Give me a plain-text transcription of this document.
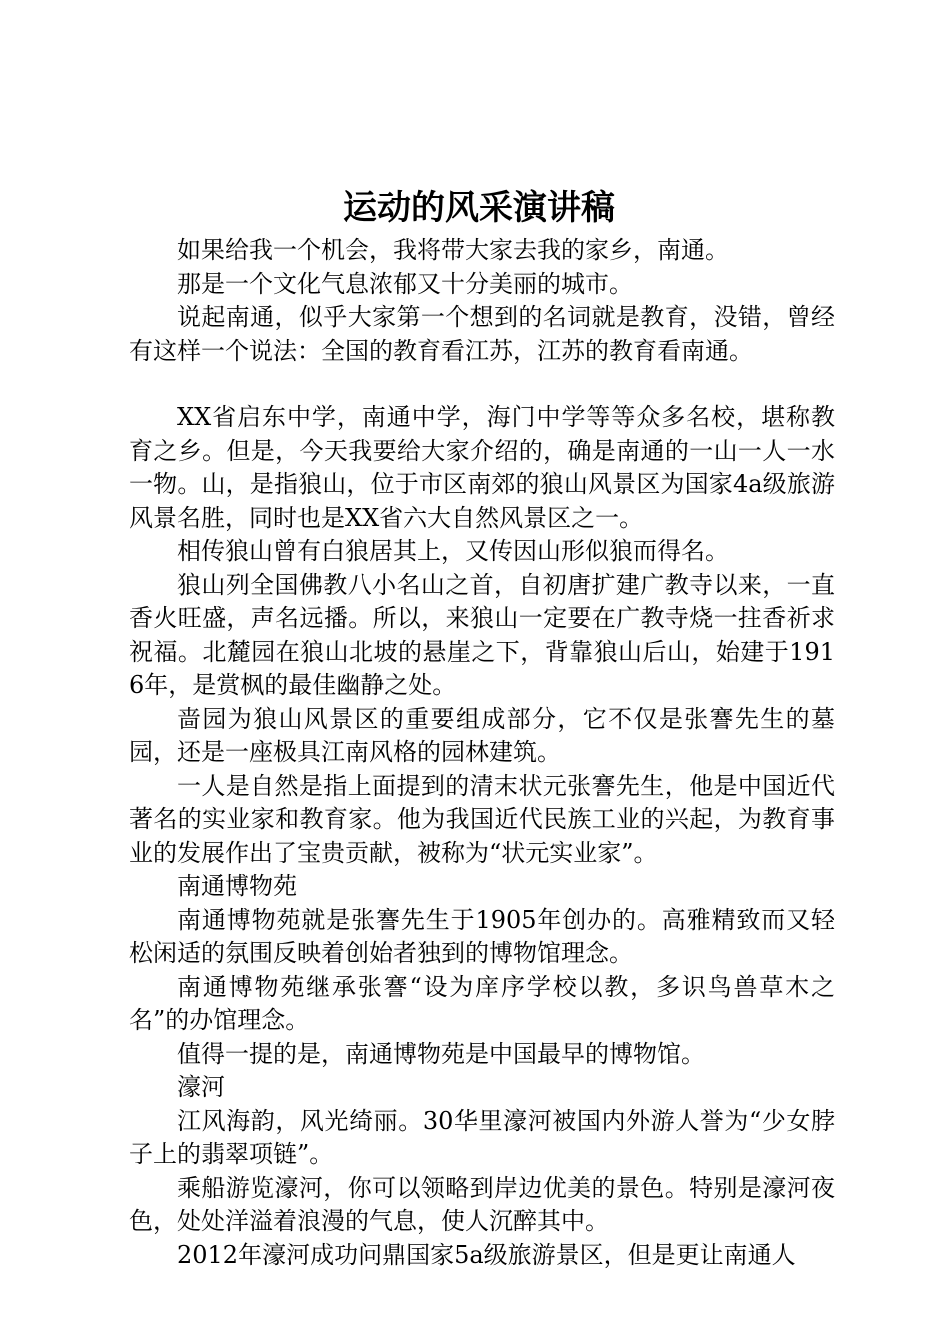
运动的风采演讲稿

如果给我一个机会，我将带大家去我的家乡，南通。

那是一个文化气息浓郁又十分美丽的城市。

说起南通，似乎大家第一个想到的名词就是教育，没错，曾经有这样一个说法：全国的教育看江苏，江苏的教育看南通。

XX省启东中学，南通中学，海门中学等等众多名校，堪称教育之乡。但是，今天我要给大家介绍的，确是南通的一山一人一水一物。山，是指狼山，位于市区南郊的狼山风景区为国家4a级旅游风景名胜，同时也是XX省六大自然风景区之一。

相传狼山曾有白狼居其上，又传因山形似狼而得名。

狼山列全国佛教八小名山之首，自初唐扩建广教寺以来，一直香火旺盛，声名远播。所以，来狼山一定要在广教寺烧一拄香祈求祝福。北麓园在狼山北坡的悬崖之下，背靠狼山后山，始建于1916年，是赏枫的最佳幽静之处。

啬园为狼山风景区的重要组成部分，它不仅是张謇先生的墓园，还是一座极具江南风格的园林建筑。

一人是自然是指上面提到的清末状元张謇先生，他是中国近代著名的实业家和教育家。他为我国近代民族工业的兴起，为教育事业的发展作出了宝贵贡献，被称为“状元实业家”。

南通博物苑

南通博物苑就是张謇先生于1905年创办的。高雅精致而又轻松闲适的氛围反映着创始者独到的博物馆理念。

南通博物苑继承张謇“设为庠序学校以教，多识鸟兽草木之名”的办馆理念。

值得一提的是，南通博物苑是中国最早的博物馆。

濠河

江风海韵，风光绮丽。30华里濠河被国内外游人誉为“少女脖子上的翡翠项链”。

乘船游览濠河，你可以领略到岸边优美的景色。特别是濠河夜色，处处洋溢着浪漫的气息，使人沉醉其中。

2012年濠河成功问鼎国家5a级旅游景区，但是更让南通人
